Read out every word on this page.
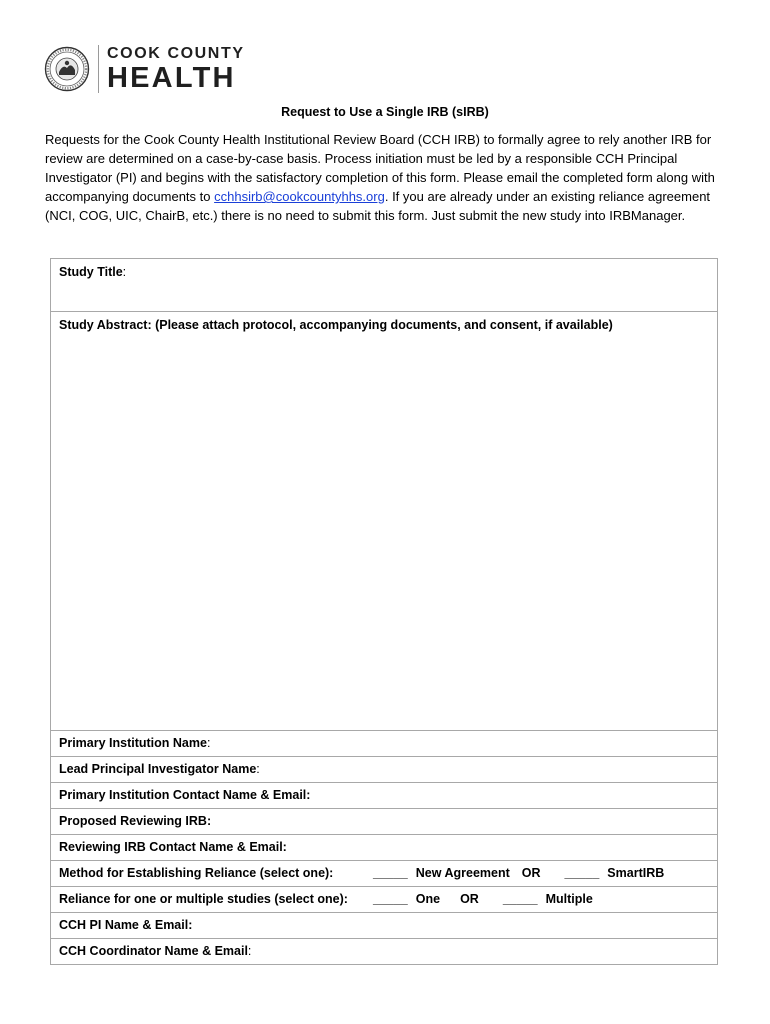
COOK COUNTY
HEALTH
Request to Use a Single IRB (sIRB)
Requests for the Cook County Health Institutional Review Board (CCH IRB) to formally agree to rely another IRB for review are determined on a case-by-case basis. Process initiation must be led by a responsible CCH Principal Investigator (PI) and begins with the satisfactory completion of this form. Please email the completed form along with accompanying documents to cchhsirb@cookcountyhhs.org. If you are already under an existing reliance agreement (NCI, COG, UIC, ChairB, etc.) there is no need to submit this form. Just submit the new study into IRBManager.
Study Title:
Study Abstract: (Please attach protocol, accompanying documents, and consent, if available)
Primary Institution Name:
Lead Principal Investigator Name:
Primary Institution Contact Name & Email:
Proposed Reviewing IRB:
Reviewing IRB Contact Name & Email:
Method for Establishing Reliance (select one):	_____ New Agreement OR _____ SmartIRB
Reliance for one or multiple studies (select one):	_____ One OR _____ Multiple
CCH PI Name & Email:
CCH Coordinator Name & Email:
